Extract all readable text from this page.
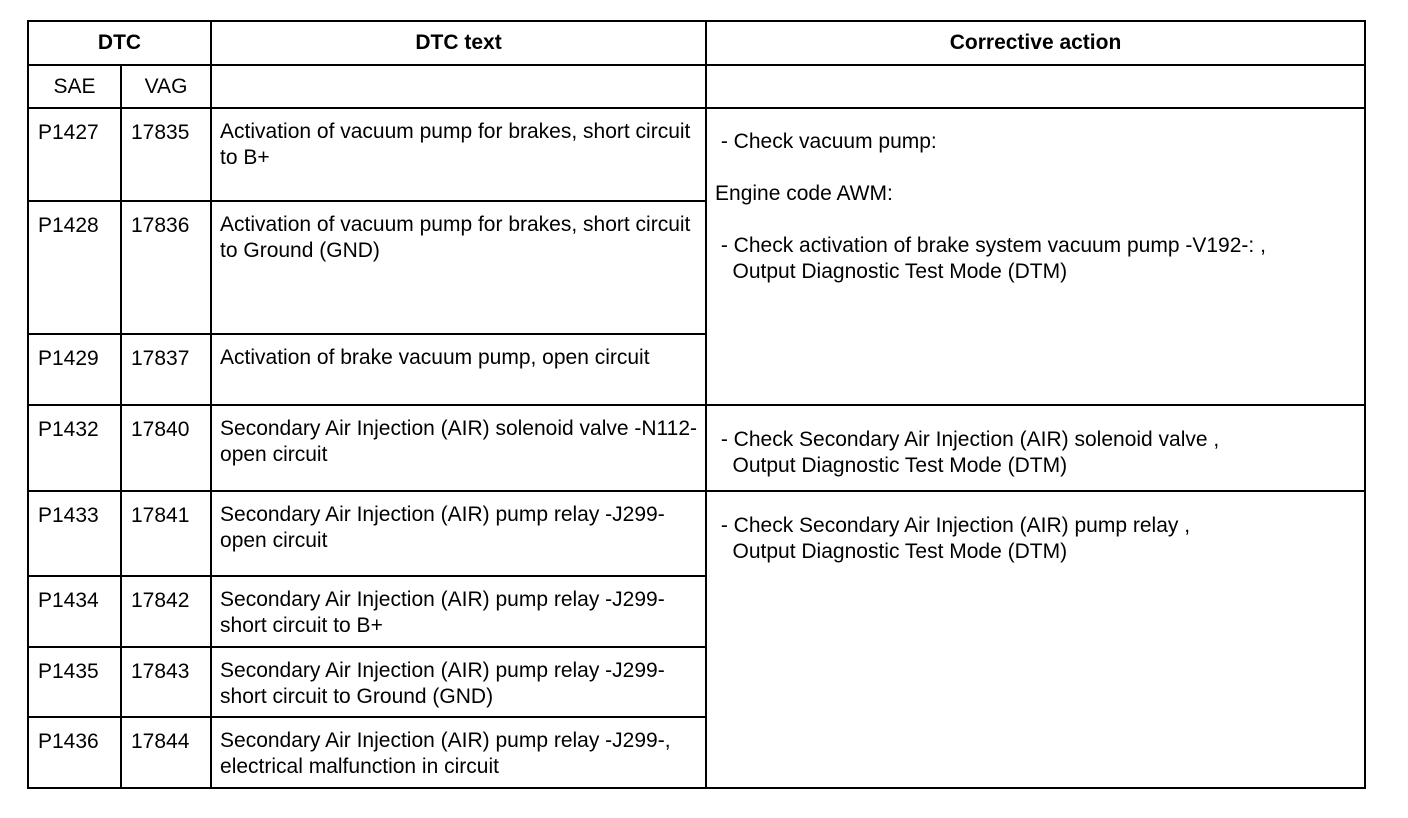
DTC		DTC text	Corrective action
SAE	VAG		
P1427	17835	Activation of vacuum pump for brakes, short circuit to B+	- Check vacuum pump:
Engine code AWM:
- Check activation of brake system vacuum pump -V192-: ,
Output Diagnostic Test Mode (DTM)

P1428	17836	Activation of vacuum pump for brakes, short circuit to Ground (GND)	
P1429	17837	Activation of brake vacuum pump, open circuit	
P1432	17840	Secondary Air Injection (AIR) solenoid valve -N112- open circuit	- Check Secondary Air Injection (AIR) solenoid valve ,
Output Diagnostic Test Mode (DTM)

P1433	17841	Secondary Air Injection (AIR) pump relay -J299- open circuit	- Check Secondary Air Injection (AIR) pump relay ,
Output Diagnostic Test Mode (DTM)

P1434	17842	Secondary Air Injection (AIR) pump relay -J299- short circuit to B+	
P1435	17843	Secondary Air Injection (AIR) pump relay -J299- short circuit to Ground (GND)	
P1436	17844	Secondary Air Injection (AIR) pump relay -J299-, electrical malfunction in circuit	
